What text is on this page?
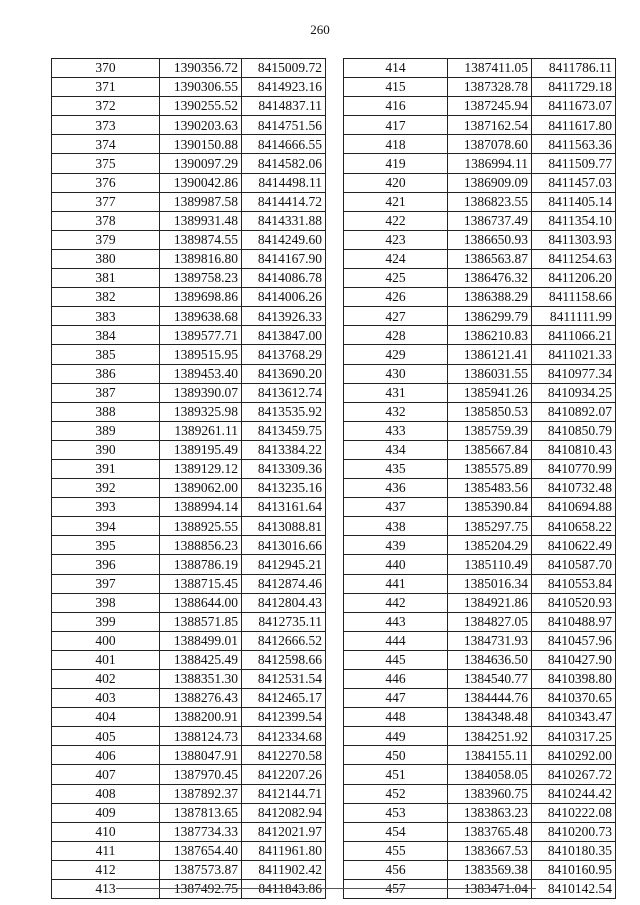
260
370	1390356.72	8415009.72
371	1390306.55	8414923.16
372	1390255.52	8414837.11
373	1390203.63	8414751.56
374	1390150.88	8414666.55
375	1390097.29	8414582.06
376	1390042.86	8414498.11
377	1389987.58	8414414.72
378	1389931.48	8414331.88
379	1389874.55	8414249.60
380	1389816.80	8414167.90
381	1389758.23	8414086.78
382	1389698.86	8414006.26
383	1389638.68	8413926.33
384	1389577.71	8413847.00
385	1389515.95	8413768.29
386	1389453.40	8413690.20
387	1389390.07	8413612.74
388	1389325.98	8413535.92
389	1389261.11	8413459.75
390	1389195.49	8413384.22
391	1389129.12	8413309.36
392	1389062.00	8413235.16
393	1388994.14	8413161.64
394	1388925.55	8413088.81
395	1388856.23	8413016.66
396	1388786.19	8412945.21
397	1388715.45	8412874.46
398	1388644.00	8412804.43
399	1388571.85	8412735.11
400	1388499.01	8412666.52
401	1388425.49	8412598.66
402	1388351.30	8412531.54
403	1388276.43	8412465.17
404	1388200.91	8412399.54
405	1388124.73	8412334.68
406	1388047.91	8412270.58
407	1387970.45	8412207.26
408	1387892.37	8412144.71
409	1387813.65	8412082.94
410	1387734.33	8412021.97
411	1387654.40	8411961.80
412	1387573.87	8411902.42
413	1387492.75	8411843.86
414	1387411.05	8411786.11
415	1387328.78	8411729.18
416	1387245.94	8411673.07
417	1387162.54	8411617.80
418	1387078.60	8411563.36
419	1386994.11	8411509.77
420	1386909.09	8411457.03
421	1386823.55	8411405.14
422	1386737.49	8411354.10
423	1386650.93	8411303.93
424	1386563.87	8411254.63
425	1386476.32	8411206.20
426	1386388.29	8411158.66
427	1386299.79	8411111.99
428	1386210.83	8411066.21
429	1386121.41	8411021.33
430	1386031.55	8410977.34
431	1385941.26	8410934.25
432	1385850.53	8410892.07
433	1385759.39	8410850.79
434	1385667.84	8410810.43
435	1385575.89	8410770.99
436	1385483.56	8410732.48
437	1385390.84	8410694.88
438	1385297.75	8410658.22
439	1385204.29	8410622.49
440	1385110.49	8410587.70
441	1385016.34	8410553.84
442	1384921.86	8410520.93
443	1384827.05	8410488.97
444	1384731.93	8410457.96
445	1384636.50	8410427.90
446	1384540.77	8410398.80
447	1384444.76	8410370.65
448	1384348.48	8410343.47
449	1384251.92	8410317.25
450	1384155.11	8410292.00
451	1384058.05	8410267.72
452	1383960.75	8410244.42
453	1383863.23	8410222.08
454	1383765.48	8410200.73
455	1383667.53	8410180.35
456	1383569.38	8410160.95
457	1383471.04	8410142.54
